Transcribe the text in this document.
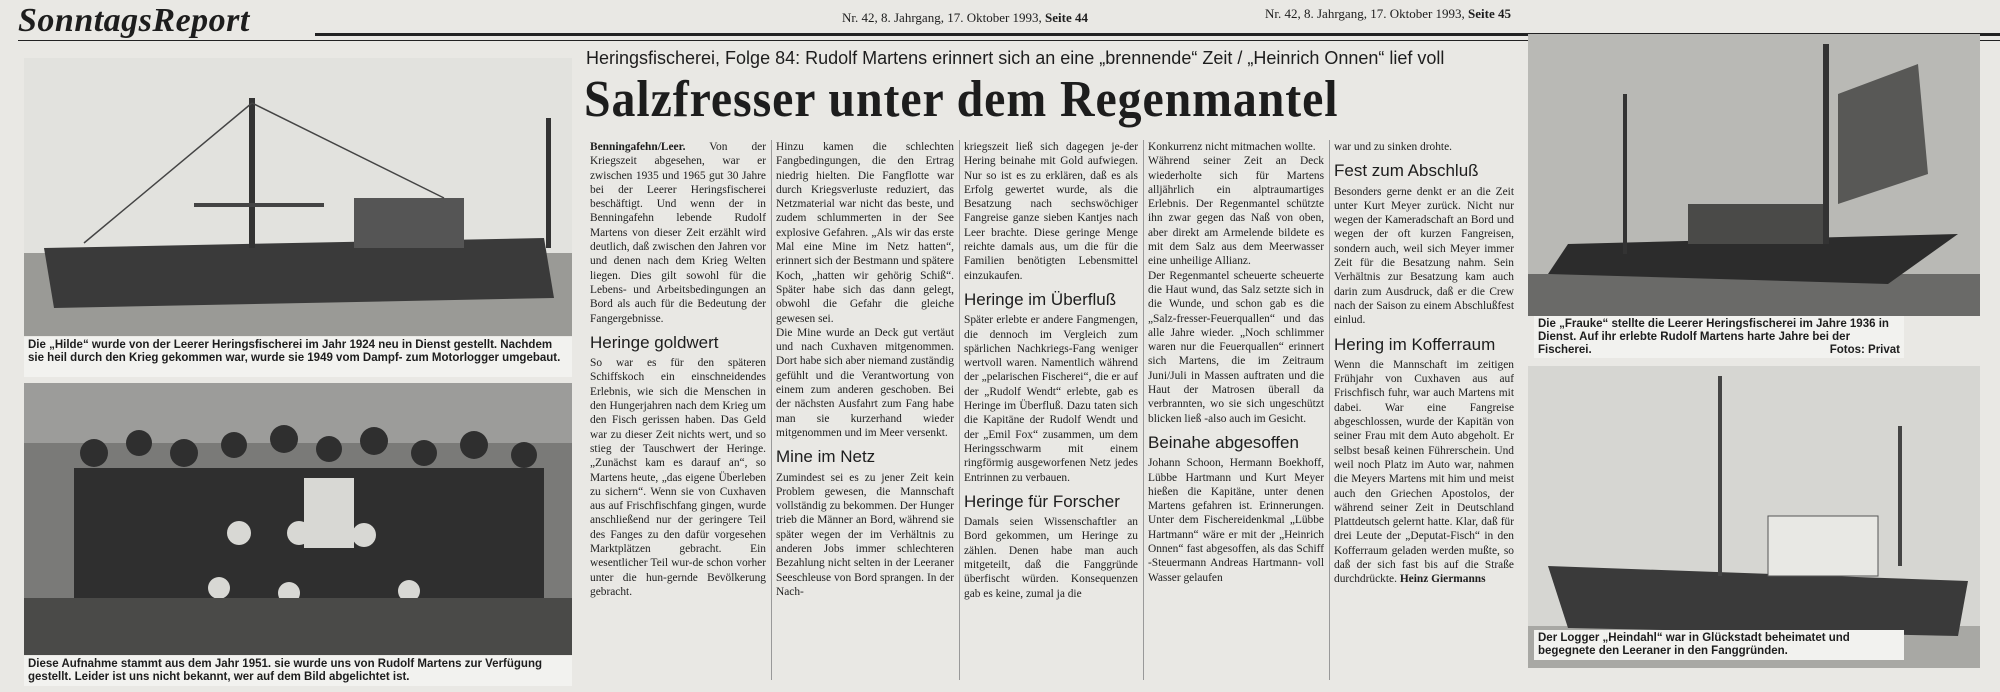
SonntagsReport	Nr. 42, 8. Jahrgang, 17. Oktober 1993, Seite 44	Nr. 42, 8. Jahrgang, 17. Oktober 1993, Seite 45
Die „Hilde“ wurde von der Leerer Heringsfischerei im Jahr 1924 neu in Dienst gestellt. Nachdem sie heil durch den Krieg gekommen war, wurde sie 1949 vom Dampf- zum Motorlogger umgebaut.
Diese Aufnahme stammt aus dem Jahr 1951. sie wurde uns von Rudolf Martens zur Verfügung gestellt. Leider ist uns nicht bekannt, wer auf dem Bild abgelichtet ist.
Heringsfischerei, Folge 84: Rudolf Martens erinnert sich an eine „brennende“ Zeit / „Heinrich Onnen“ lief voll
Salzfresser unter dem Regenmantel

Benningafehn/Leer. Von der Kriegszeit abgesehen, war er zwischen 1935 und 1965 gut 30 Jahre bei der Leerer Heringsfischerei beschäftigt. Und wenn der in Benningafehn lebende Rudolf Martens von dieser Zeit erzählt wird deutlich, daß zwischen den Jahren vor und denen nach dem Krieg Welten liegen. Dies gilt sowohl für die Lebens- und Arbeitsbedingungen an Bord als auch für die Bedeutung der Fangergebnisse.

Heringe goldwert

So war es für den späteren Schiffskoch ein einschneidendes Erlebnis, wie sich die Menschen in den Hungerjahren nach dem Krieg um den Fisch gerissen haben. Das Geld war zu dieser Zeit nichts wert, und so stieg der Tauschwert der Heringe. „Zunächst kam es darauf an“, so Martens heute, „das eigene Überleben zu sichern“. Wenn sie von Cuxhaven aus auf Frischfischfang gingen, wurde anschließend nur der geringere Teil des Fanges zu den dafür vorgesehen Marktplätzen gebracht. Ein wesentlicher Teil wur-de schon vorher unter die hun-gernde Bevölkerung gebracht.

Hinzu kamen die schlechten Fangbedingungen, die den Ertrag niedrig hielten. Die Fangflotte war durch Kriegsverluste reduziert, das Netzmaterial war nicht das beste, und zudem schlummerten in der See explosive Gefahren. „Als wir das erste Mal eine Mine im Netz hatten“, erinnert sich der Bestmann und spätere Koch, „hatten wir gehörig Schiß“. Später habe sich das dann gelegt, obwohl die Gefahr die gleiche gewesen sei.

Die Mine wurde an Deck gut vertäut und nach Cuxhaven mitgenommen. Dort habe sich aber niemand zuständig gefühlt und die Verantwortung von einem zum anderen geschoben. Bei der nächsten Ausfahrt zum Fang habe man sie kurzerhand wieder mitgenommen und im Meer versenkt.

Mine im Netz

Zumindest sei es zu jener Zeit kein Problem gewesen, die Mannschaft vollständig zu bekommen. Der Hunger trieb die Männer an Bord, während sie später wegen der im Verhältnis zu anderen Jobs immer schlechteren Bezahlung nicht selten in der Leeraner Seeschleuse von Bord sprangen. In der Nach-

kriegszeit ließ sich dagegen je-der Hering beinahe mit Gold aufwiegen. Nur so ist es zu erklären, daß es als Erfolg gewertet wurde, als die Besatzung nach sechswöchiger Fangreise ganze sieben Kantjes nach Leer brachte. Diese geringe Menge reichte damals aus, um die für die Familien benötigten Lebensmittel einzukaufen.

Heringe im Überfluß

Später erlebte er andere Fangmengen, die dennoch im Vergleich zum spärlichen Nachkriegs-Fang weniger wertvoll waren. Namentlich während der „pelarischen Fischerei“, die er auf der „Rudolf Wendt“ erlebte, gab es Heringe im Überfluß. Dazu taten sich die Kapitäne der Rudolf Wendt und der „Emil Fox“ zusammen, um dem Heringsschwarm mit einem ringförmig ausgeworfenen Netz jedes Entrinnen zu verbauen.

Heringe für Forscher

Damals seien Wissenschaftler an Bord gekommen, um Heringe zu zählen. Denen habe man auch mitgeteilt, daß die Fanggründe überfischt würden. Konsequenzen gab es keine, zumal ja die

Konkurrenz nicht mitmachen wollte.

Während seiner Zeit an Deck wiederholte sich für Martens alljährlich ein alptraumartiges Erlebnis. Der Regenmantel schützte ihn zwar gegen das Naß von oben, aber direkt am Armelende bildete es mit dem Salz aus dem Meerwasser eine unheilige Allianz.

Der Regenmantel scheuerte scheuerte die Haut wund, das Salz setzte sich in die Wunde, und schon gab es die „Salz-fresser-Feuerquallen“ und das alle Jahre wieder. „Noch schlimmer waren nur die Feuerquallen“ erinnert sich Martens, die im Zeitraum Juni/Juli in Massen auftraten und die Haut der Matrosen überall da verbrannten, wo sie sich ungeschützt blicken ließ -also auch im Gesicht.

Beinahe abgesoffen

Johann Schoon, Hermann Boekhoff, Lübbe Hartmann und Kurt Meyer hießen die Kapitäne, unter denen Martens gefahren ist. Erinnerungen. Unter dem Fischereidenkmal „Lübbe Hartmann“ wäre er mit der „Heinrich Onnen“ fast abgesoffen, als das Schiff -Steuermann Andreas Hartmann- voll Wasser gelaufen

war und zu sinken drohte.

Fest zum Abschluß

Besonders gerne denkt er an die Zeit unter Kurt Meyer zurück. Nicht nur wegen der Kameradschaft an Bord und wegen der oft kurzen Fangreisen, sondern auch, weil sich Meyer immer Zeit für die Besatzung nahm. Sein Verhältnis zur Besatzung kam auch darin zum Ausdruck, daß er die Crew nach der Saison zu einem Abschlußfest einlud.

Hering im Kofferraum

Wenn die Mannschaft im zeitigen Frühjahr von Cuxhaven aus auf Frischfisch fuhr, war auch Martens mit dabei. War eine Fangreise abgeschlossen, wurde der Kapitän von seiner Frau mit dem Auto abgeholt. Er selbst besaß keinen Führerschein. Und weil noch Platz im Auto war, nahmen die Meyers Martens mit him und meist auch den Griechen Apostolos, der während seiner Zeit in Deutschland Plattdeutsch gelernt hatte. Klar, daß für drei Leute der „Deputat-Fisch“ in den Kofferraum geladen werden mußte, so daß der sich fast bis auf die Straße durchdrückte. Heinz Giermanns

Die „Frauke“ stellte die Leerer Heringsfischerei im Jahre 1936 in Dienst. Auf ihr erlebte Rudolf Martens harte Jahre bei der Fischerei.	Fotos: Privat
Der Logger „Heindahl“ war in Glückstadt beheimatet und begegnete den Leeraner in den Fanggründen.
